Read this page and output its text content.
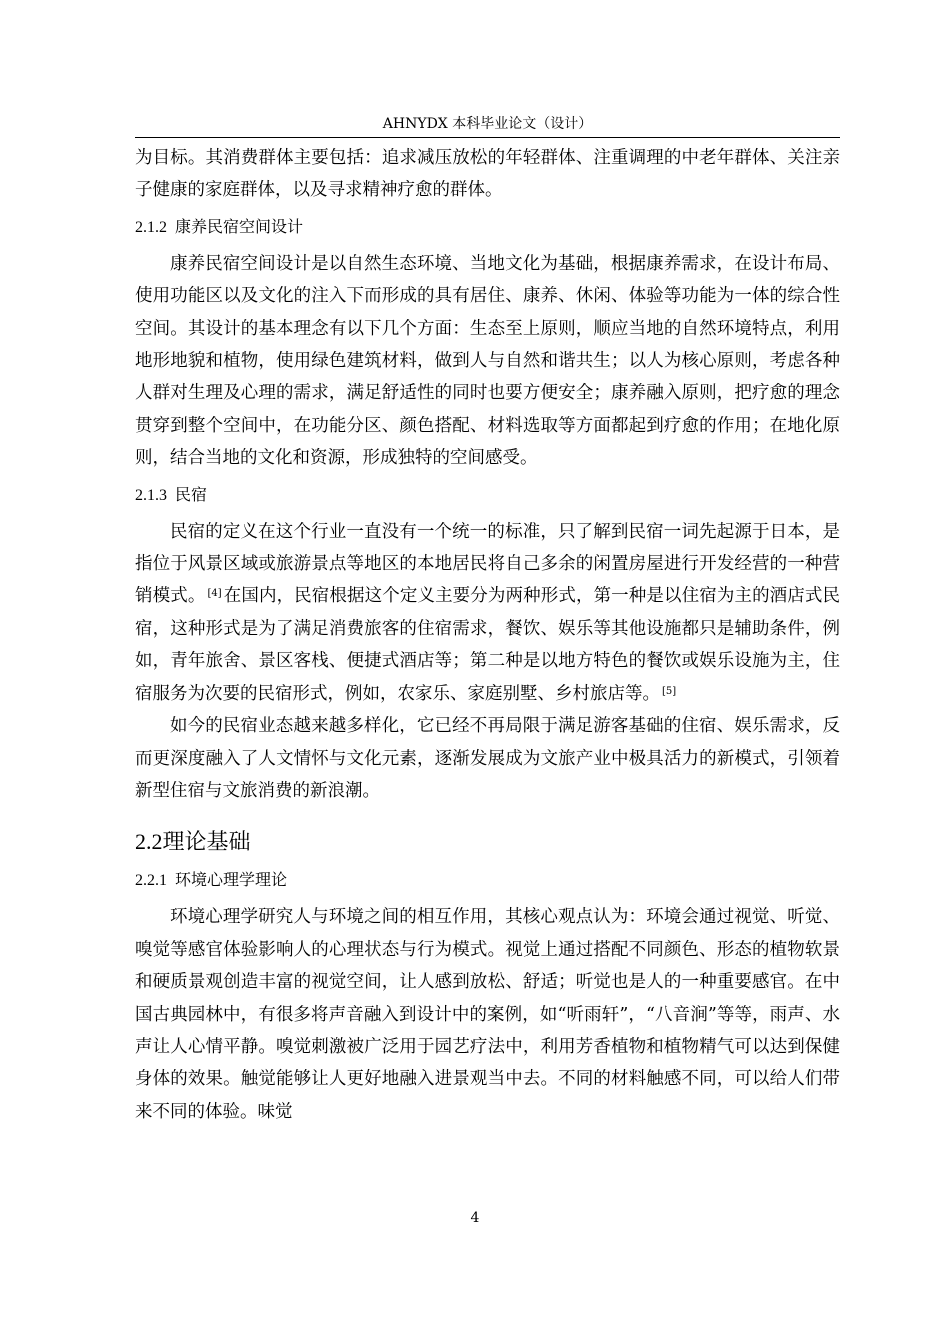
AHNYDX 本科毕业论文（设计）

为目标。其消费群体主要包括：追求减压放松的年轻群体、注重调理的中老年群体、关注亲子健康的家庭群体，以及寻求精神疗愈的群体。

2.1.2 康养民宿空间设计

康养民宿空间设计是以自然生态环境、当地文化为基础，根据康养需求，在设计布局、使用功能区以及文化的注入下而形成的具有居住、康养、休闲、体验等功能为一体的综合性空间。其设计的基本理念有以下几个方面：生态至上原则，顺应当地的自然环境特点，利用地形地貌和植物，使用绿色建筑材料，做到人与自然和谐共生；以人为核心原则，考虑各种人群对生理及心理的需求，满足舒适性的同时也要方便安全；康养融入原则，把疗愈的理念贯穿到整个空间中，在功能分区、颜色搭配、材料选取等方面都起到疗愈的作用；在地化原则，结合当地的文化和资源，形成独特的空间感受。

2.1.3 民宿

民宿的定义在这个行业一直没有一个统一的标准，只了解到民宿一词先起源于日本，是指位于风景区域或旅游景点等地区的本地居民将自己多余的闲置房屋进行开发经营的一种营销模式。 [4] 在国内，民宿根据这个定义主要分为两种形式，第一种是以住宿为主的酒店式民宿，这种形式是为了满足消费旅客的住宿需求，餐饮、娱乐等其他设施都只是辅助条件，例如，青年旅舍、景区客栈、便捷式酒店等；第二种是以地方特色的餐饮或娱乐设施为主，住宿服务为次要的民宿形式，例如，农家乐、家庭别墅、乡村旅店等。 [5]

如今的民宿业态越来越多样化，它已经不再局限于满足游客基础的住宿、娱乐需求，反而更深度融入了人文情怀与文化元素，逐渐发展成为文旅产业中极具活力的新模式，引领着新型住宿与文旅消费的新浪潮。

2.2理论基础
2.2.1 环境心理学理论

环境心理学研究人与环境之间的相互作用，其核心观点认为：环境会通过视觉、听觉、嗅觉等感官体验影响人的心理状态与行为模式。视觉上通过搭配不同颜色、形态的植物软景和硬质景观创造丰富的视觉空间，让人感到放松、舒适；听觉也是人的一种重要感官。在中国古典园林中，有很多将声音融入到设计中的案例，如“听雨轩”，“八音涧”等等，雨声、水声让人心情平静。嗅觉刺激被广泛用于园艺疗法中，利用芳香植物和植物精气可以达到保健身体的效果。触觉能够让人更好地融入进景观当中去。不同的材料触感不同，可以给人们带来不同的体验。味觉

4
